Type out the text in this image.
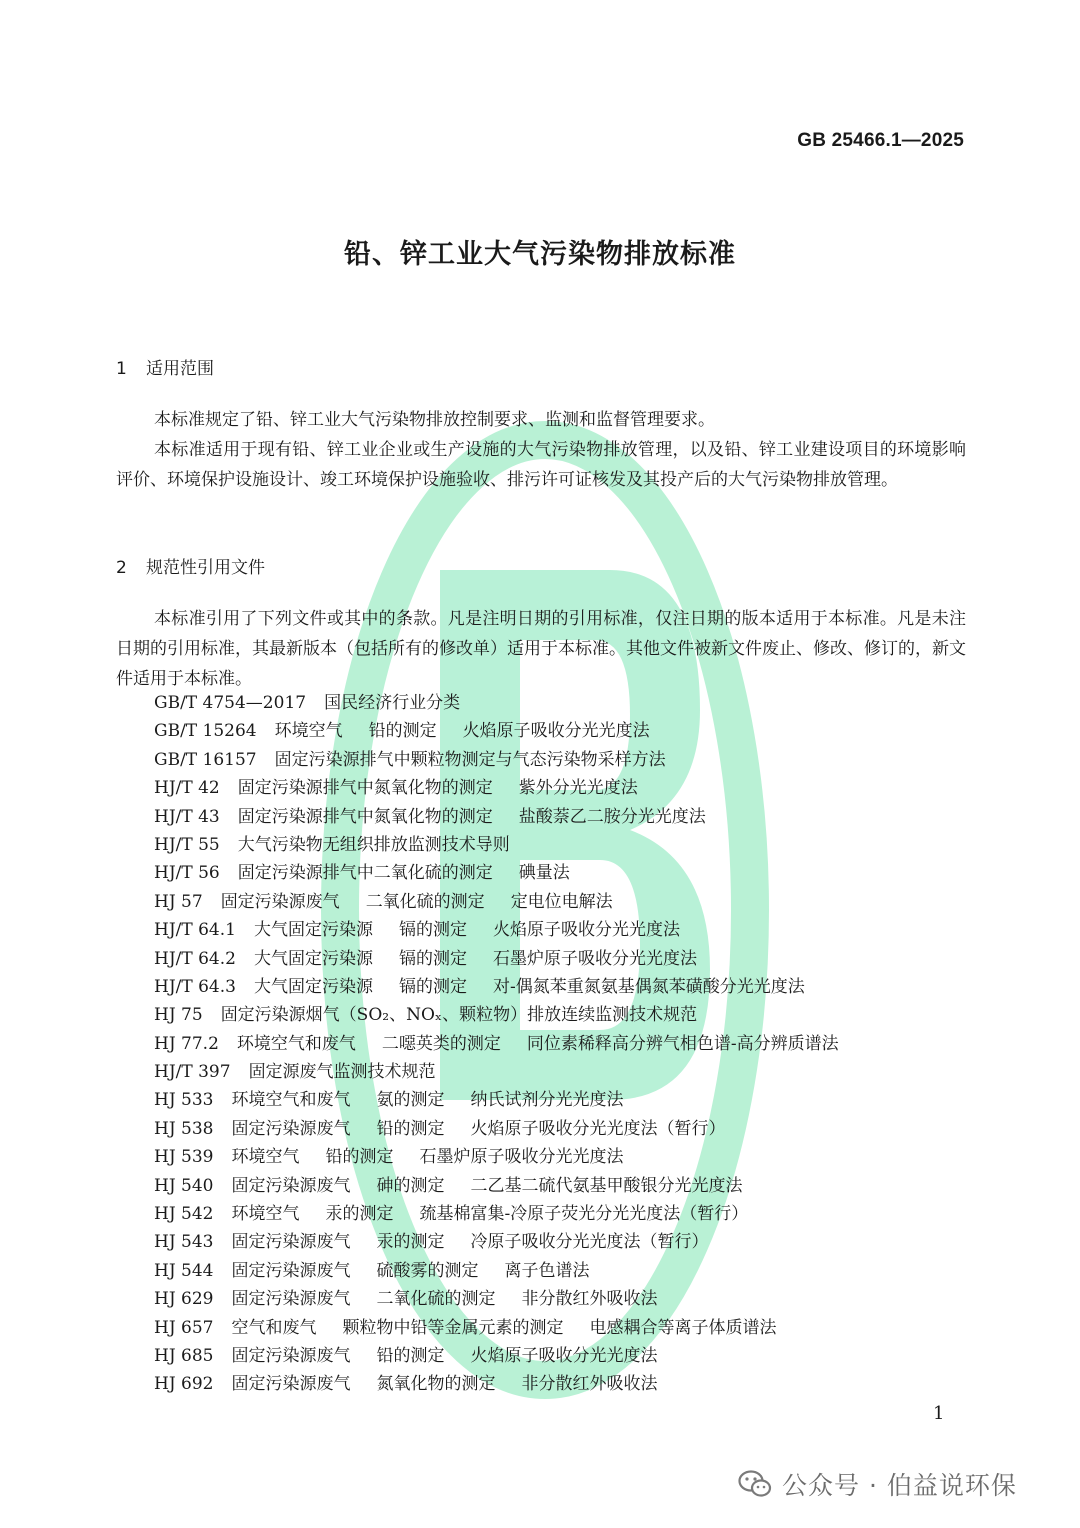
GB 25466.1—2025
铅、锌工业大气污染物排放标准
1 适用范围

本标准规定了铅、锌工业大气污染物排放控制要求、监测和监督管理要求。

本标准适用于现有铅、锌工业企业或生产设施的大气污染物排放管理，以及铅、锌工业建设项目的环境影响评价、环境保护设施设计、竣工环境保护设施验收、排污许可证核发及其投产后的大气污染物排放管理。

2 规范性引用文件

本标准引用了下列文件或其中的条款。凡是注明日期的引用标准，仅注日期的版本适用于本标准。凡是未注日期的引用标准，其最新版本（包括所有的修改单）适用于本标准。其他文件被新文件废止、修改、修订的，新文件适用于本标准。

GB/T 4754—2017 国民经济行业分类
GB/T 15264 环境空气 铅的测定 火焰原子吸收分光光度法
GB/T 16157 固定污染源排气中颗粒物测定与气态污染物采样方法
HJ/T 42 固定污染源排气中氮氧化物的测定 紫外分光光度法
HJ/T 43 固定污染源排气中氮氧化物的测定 盐酸萘乙二胺分光光度法
HJ/T 55 大气污染物无组织排放监测技术导则
HJ/T 56 固定污染源排气中二氧化硫的测定 碘量法
HJ 57 固定污染源废气 二氧化硫的测定 定电位电解法
HJ/T 64.1 大气固定污染源 镉的测定 火焰原子吸收分光光度法
HJ/T 64.2 大气固定污染源 镉的测定 石墨炉原子吸收分光光度法
HJ/T 64.3 大气固定污染源 镉的测定 对-偶氮苯重氮氨基偶氮苯磺酸分光光度法
HJ 75 固定污染源烟气（SO₂、NOₓ、颗粒物）排放连续监测技术规范
HJ 77.2 环境空气和废气 二噁英类的测定 同位素稀释高分辨气相色谱-高分辨质谱法
HJ/T 397 固定源废气监测技术规范
HJ 533 环境空气和废气 氨的测定 纳氏试剂分光光度法
HJ 538 固定污染源废气 铅的测定 火焰原子吸收分光光度法（暂行）
HJ 539 环境空气 铅的测定 石墨炉原子吸收分光光度法
HJ 540 固定污染源废气 砷的测定 二乙基二硫代氨基甲酸银分光光度法
HJ 542 环境空气 汞的测定 巯基棉富集-冷原子荧光分光光度法（暂行）
HJ 543 固定污染源废气 汞的测定 冷原子吸收分光光度法（暂行）
HJ 544 固定污染源废气 硫酸雾的测定 离子色谱法
HJ 629 固定污染源废气 二氧化硫的测定 非分散红外吸收法
HJ 657 空气和废气 颗粒物中铅等金属元素的测定 电感耦合等离子体质谱法
HJ 685 固定污染源废气 铅的测定 火焰原子吸收分光光度法
HJ 692 固定污染源废气 氮氧化物的测定 非分散红外吸收法
1
公众号 · 伯益说环保
